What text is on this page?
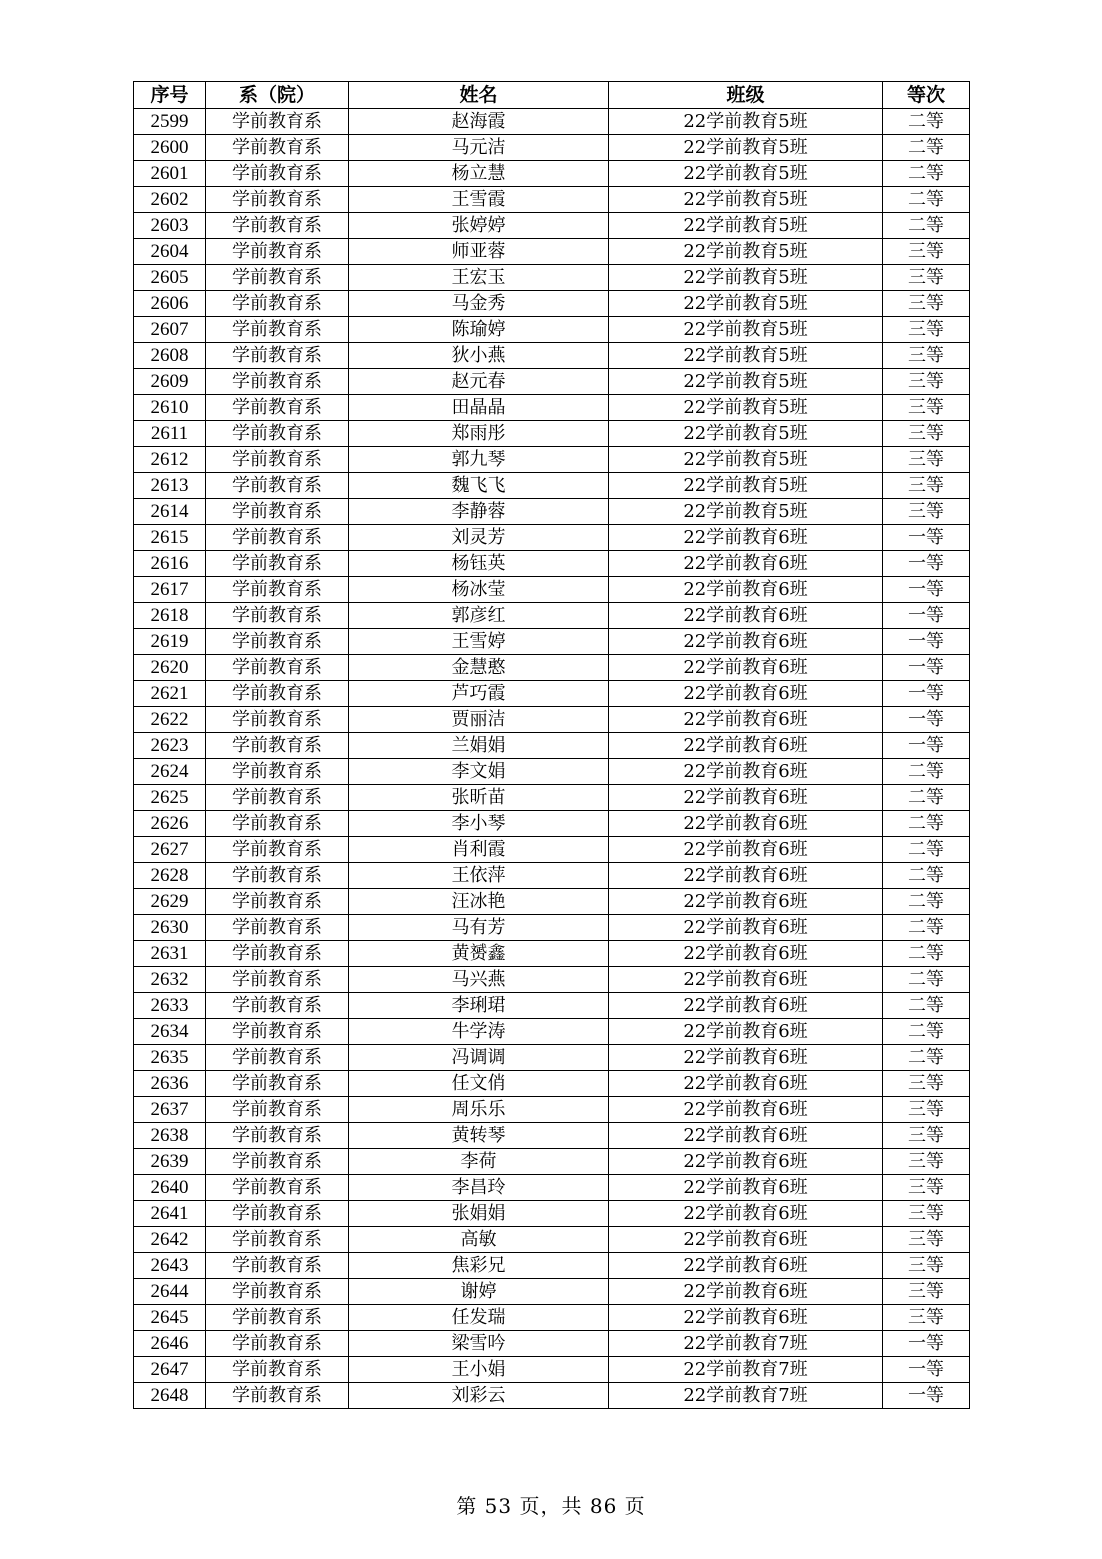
序号	系（院）	姓名	班级	等次
2599	学前教育系	赵海霞	22学前教育5班	二等
2600	学前教育系	马元洁	22学前教育5班	二等
2601	学前教育系	杨立慧	22学前教育5班	二等
2602	学前教育系	王雪霞	22学前教育5班	二等
2603	学前教育系	张婷婷	22学前教育5班	二等
2604	学前教育系	师亚蓉	22学前教育5班	三等
2605	学前教育系	王宏玉	22学前教育5班	三等
2606	学前教育系	马金秀	22学前教育5班	三等
2607	学前教育系	陈瑜婷	22学前教育5班	三等
2608	学前教育系	狄小燕	22学前教育5班	三等
2609	学前教育系	赵元春	22学前教育5班	三等
2610	学前教育系	田晶晶	22学前教育5班	三等
2611	学前教育系	郑雨彤	22学前教育5班	三等
2612	学前教育系	郭九琴	22学前教育5班	三等
2613	学前教育系	魏飞飞	22学前教育5班	三等
2614	学前教育系	李静蓉	22学前教育5班	三等
2615	学前教育系	刘灵芳	22学前教育6班	一等
2616	学前教育系	杨钰英	22学前教育6班	一等
2617	学前教育系	杨冰莹	22学前教育6班	一等
2618	学前教育系	郭彦红	22学前教育6班	一等
2619	学前教育系	王雪婷	22学前教育6班	一等
2620	学前教育系	金慧憨	22学前教育6班	一等
2621	学前教育系	芦巧霞	22学前教育6班	一等
2622	学前教育系	贾丽洁	22学前教育6班	一等
2623	学前教育系	兰娟娟	22学前教育6班	一等
2624	学前教育系	李文娟	22学前教育6班	二等
2625	学前教育系	张昕苗	22学前教育6班	二等
2626	学前教育系	李小琴	22学前教育6班	二等
2627	学前教育系	肖利霞	22学前教育6班	二等
2628	学前教育系	王依萍	22学前教育6班	二等
2629	学前教育系	汪冰艳	22学前教育6班	二等
2630	学前教育系	马有芳	22学前教育6班	二等
2631	学前教育系	黄赟鑫	22学前教育6班	二等
2632	学前教育系	马兴燕	22学前教育6班	二等
2633	学前教育系	李琍珺	22学前教育6班	二等
2634	学前教育系	牛学涛	22学前教育6班	二等
2635	学前教育系	冯调调	22学前教育6班	二等
2636	学前教育系	任文俏	22学前教育6班	三等
2637	学前教育系	周乐乐	22学前教育6班	三等
2638	学前教育系	黄转琴	22学前教育6班	三等
2639	学前教育系	李荷	22学前教育6班	三等
2640	学前教育系	李昌玲	22学前教育6班	三等
2641	学前教育系	张娟娟	22学前教育6班	三等
2642	学前教育系	高敏	22学前教育6班	三等
2643	学前教育系	焦彩兄	22学前教育6班	三等
2644	学前教育系	谢婷	22学前教育6班	三等
2645	学前教育系	任发瑞	22学前教育6班	三等
2646	学前教育系	梁雪吟	22学前教育7班	一等
2647	学前教育系	王小娟	22学前教育7班	一等
2648	学前教育系	刘彩云	22学前教育7班	一等
第 53 页，共 86 页
